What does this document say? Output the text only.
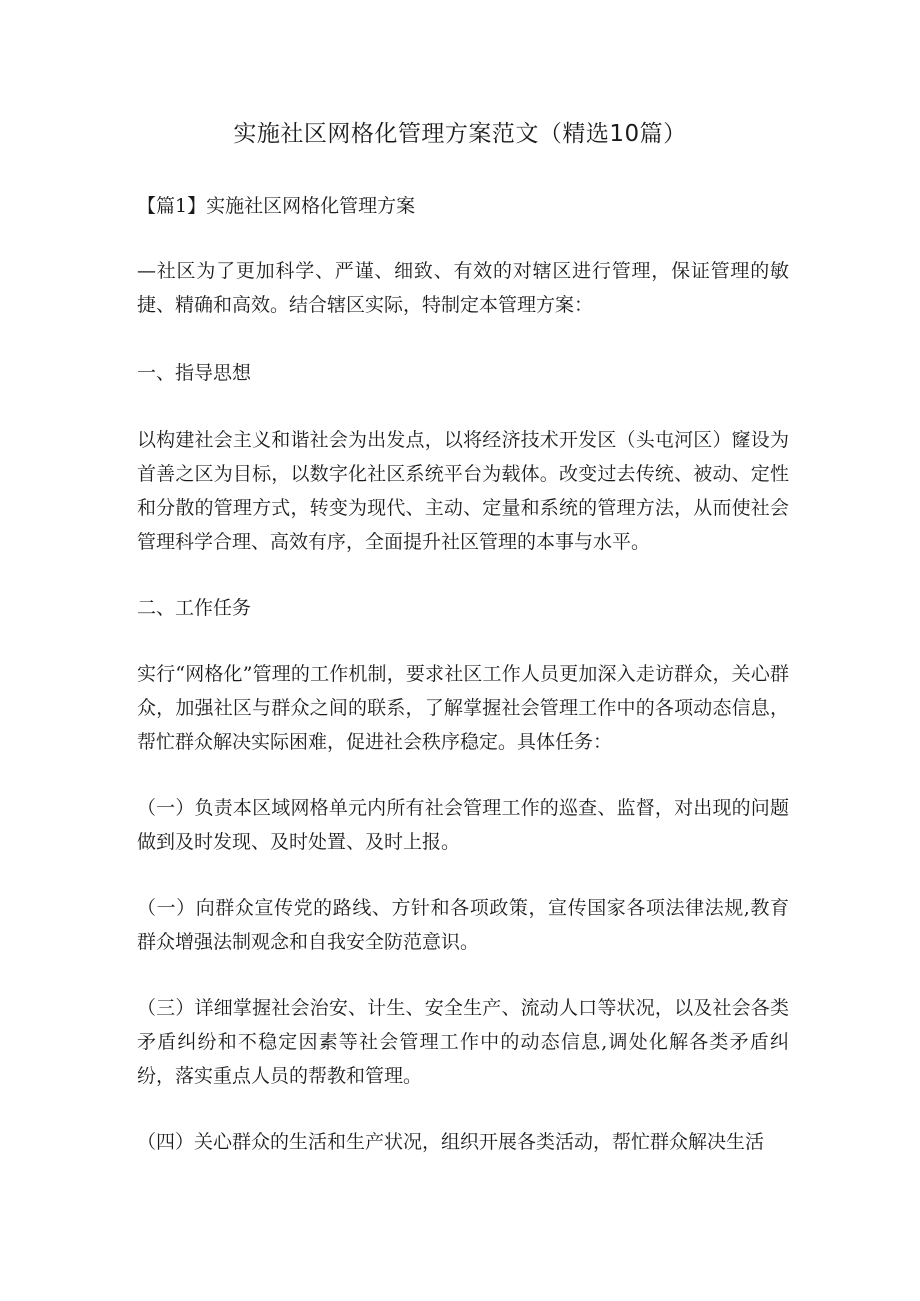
实施社区网格化管理方案范文（精选10篇）

【篇1】实施社区网格化管理方案

—社区为了更加科学、严谨、细致、有效的对辖区进行管理，保证管理的敏捷、精确和高效。结合辖区实际，特制定本管理方案：

一、指导思想

以构建社会主义和谐社会为出发点，以将经济技术开发区（头屯河区）窿设为首善之区为目标，以数字化社区系统平台为载体。改变过去传统、被动、定性和分散的管理方式，转变为现代、主动、定量和系统的管理方法，从而使社会管理科学合理、高效有序，全面提升社区管理的本事与水平。

二、工作任务

实行“网格化”管理的工作机制，要求社区工作人员更加深入走访群众，关心群众，加强社区与群众之间的联系，了解掌握社会管理工作中的各项动态信息，帮忙群众解决实际困难，促进社会秩序稳定。具体任务：

（一）负责本区域网格单元内所有社会管理工作的巡查、监督，对出现的问题做到及时发现、及时处置、及时上报。

（一）向群众宣传党的路线、方针和各项政策，宣传国家各项法律法规,教育群众增强法制观念和自我安全防范意识。

（三）详细掌握社会治安、计生、安全生产、流动人口等状况，以及社会各类矛盾纠纷和不稳定因素等社会管理工作中的动态信息,调处化解各类矛盾纠纷，落实重点人员的帮教和管理。

（四）关心群众的生活和生产状况，组织开展各类活动，帮忙群众解决生活
